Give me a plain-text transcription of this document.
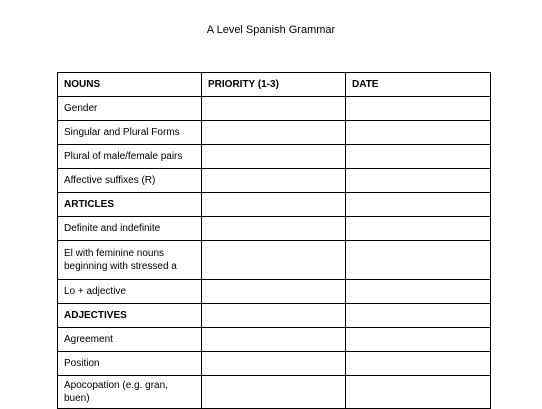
A Level Spanish Grammar
NOUNS	PRIORITY (1-3)	DATE
Gender		
Singular and Plural Forms		
Plural of male/female pairs		
Affective suffixes (R)		
ARTICLES		
Definite and indefinite		
El with feminine nouns beginning with stressed a		
Lo + adjective		
ADJECTIVES		
Agreement		
Position		
Apocopation (e.g. gran, buen)		
